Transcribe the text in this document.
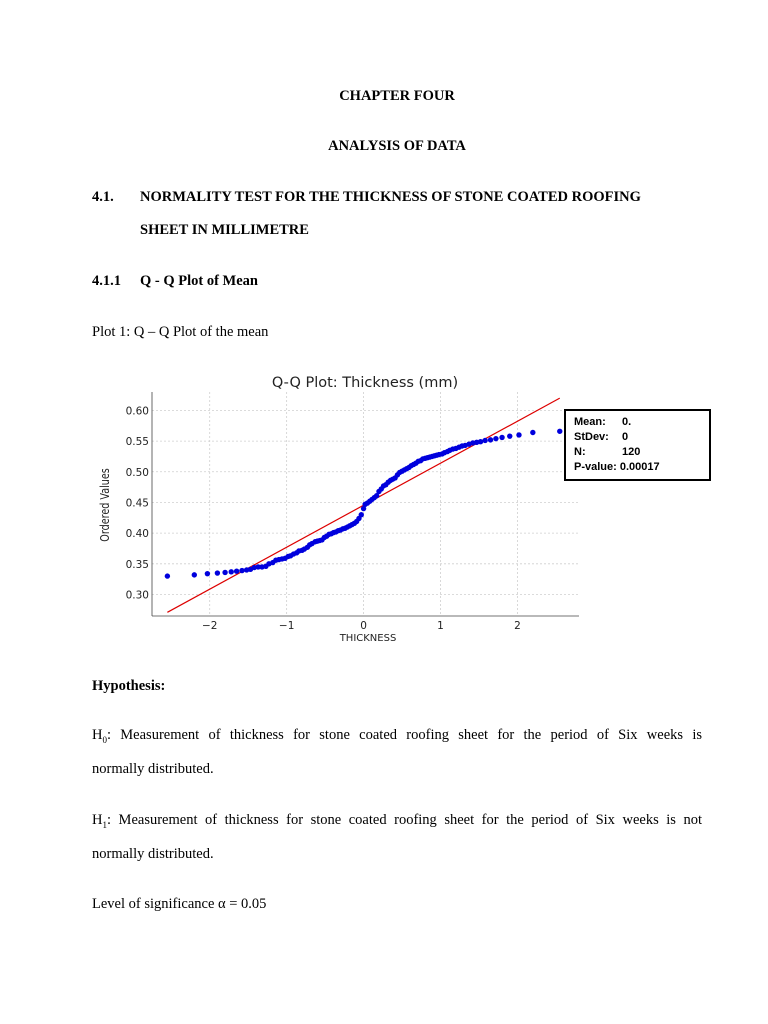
CHAPTER FOUR
ANALYSIS OF DATA
4.1. NORMALITY TEST FOR THE THICKNESS OF STONE COATED ROOFING
SHEET IN MILLIMETRE
4.1.1 Q - Q Plot of Mean
Plot 1: Q – Q Plot of the mean
Q-Q Plot: Thickness (mm)
−2	−1	0	1	2
0.30
0.35
0.40
0.45
0.50
0.55
0.60
THICKNESS
Ordered Values
Mean: 0.
StDev: 0
N:	120
P-value: 0.00017
Hypothesis:
$H_0$: Measurement of thickness for stone coated roofing sheet for the period of Six weeks is
normally distributed.
$H_1$: Measurement of thickness for stone coated roofing sheet for the period of Six weeks is not
normally distributed.
Level of significance α = 0.05
